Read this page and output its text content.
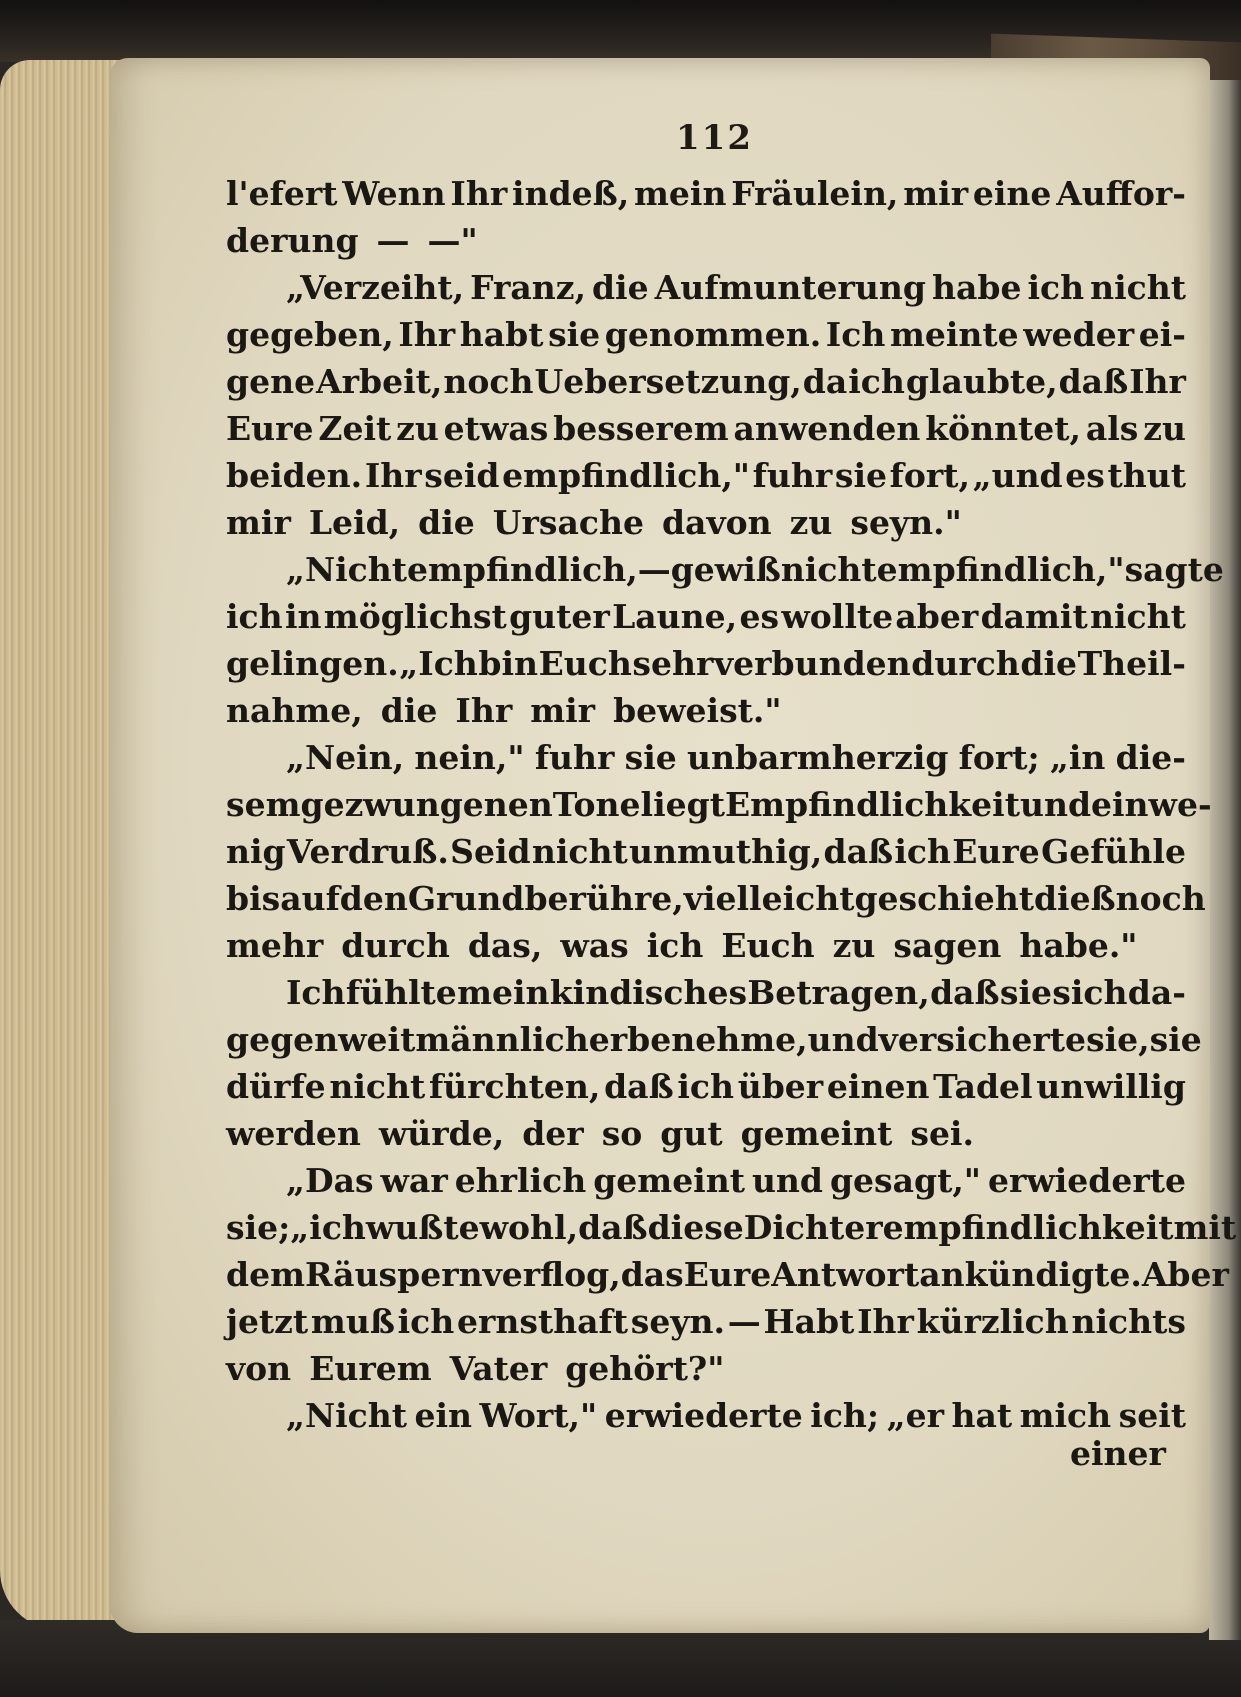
112
l'efert Wenn Ihr indeß, mein Fräulein, mir eine Auffor-
derung — —"
„Verzeiht, Franz, die Aufmunterung habe ich nicht
gegeben, Ihr habt sie genommen. Ich meinte weder ei-
gene Arbeit, noch Uebersetzung, da ich glaubte, daß Ihr
Eure Zeit zu etwas besserem anwenden könntet, als zu
beiden. Ihr seid empfindlich," fuhr sie fort, „und es thut
mir Leid, die Ursache davon zu seyn."
„Nicht empfindlich, — gewiß nicht empfindlich," sagte
ich in möglichst guter Laune, es wollte aber damit nicht
gelingen. „Ich bin Euch sehr verbunden durch die Theil-
nahme, die Ihr mir beweist."
„Nein, nein," fuhr sie unbarmherzig fort; „in die-
sem gezwungenen Tone liegt Empfindlichkeit und ein we-
nig Verdruß. Seid nicht unmuthig, daß ich Eure Gefühle
bis auf den Grund berühre, vielleicht geschieht dieß noch
mehr durch das, was ich Euch zu sagen habe."
Ich fühlte mein kindisches Betragen, daß sie sich da-
gegen weit männlicher benehme, und versicherte sie, sie
dürfe nicht fürchten, daß ich über einen Tadel unwillig
werden würde, der so gut gemeint sei.
„Das war ehrlich gemeint und gesagt," erwiederte
sie; „ich wußte wohl, daß diese Dichterempfindlichkeit mit
dem Räuspern verflog, das Eure Antwort ankündigte. Aber
jetzt muß ich ernsthaft seyn. — Habt Ihr kürzlich nichts
von Eurem Vater gehört?"
„Nicht ein Wort," erwiederte ich; „er hat mich seit
einer
